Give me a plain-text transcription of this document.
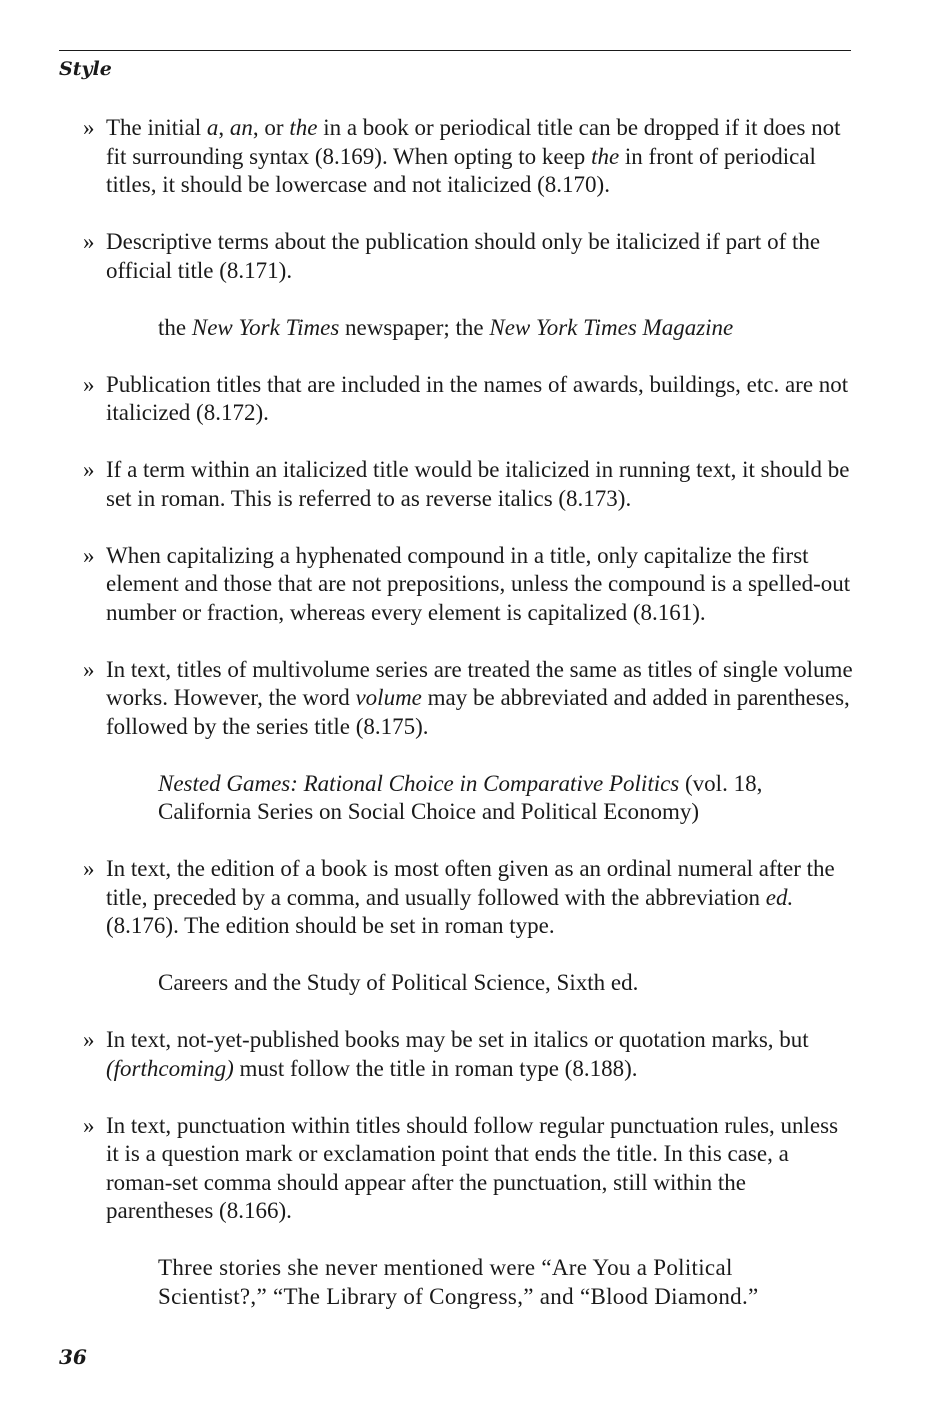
Style
» The initial a, an, or the in a book or periodical title can be dropped if it does not fit surrounding syntax (8.169). When opting to keep the in front of periodical titles, it should be lowercase and not italicized (8.170).
» Descriptive terms about the publication should only be italicized if part of the official title (8.171).
the New York Times newspaper; the New York Times Magazine
» Publication titles that are included in the names of awards, buildings, etc. are not italicized (8.172).
» If a term within an italicized title would be italicized in running text, it should be set in roman. This is referred to as reverse italics (8.173).
» When capitalizing a hyphenated compound in a title, only capitalize the first element and those that are not prepositions, unless the compound is a spelled-out number or fraction, whereas every element is capitalized (8.161).
» In text, titles of multivolume series are treated the same as titles of single volume works. However, the word volume may be abbreviated and added in parentheses, followed by the series title (8.175).
Nested Games: Rational Choice in Comparative Politics (vol. 18, California Series on Social Choice and Political Economy)
» In text, the edition of a book is most often given as an ordinal numeral after the title, preceded by a comma, and usually followed with the abbreviation ed. (8.176). The edition should be set in roman type.
Careers and the Study of Political Science, Sixth ed.
» In text, not-yet-published books may be set in italics or quotation marks, but (forthcoming) must follow the title in roman type (8.188).
» In text, punctuation within titles should follow regular punctuation rules, unless it is a question mark or exclamation point that ends the title. In this case, a roman-set comma should appear after the punctuation, still within the parentheses (8.166).
Three stories she never mentioned were “Are You a Political Scientist?,” “The Library of Congress,” and “Blood Diamond.”
36
